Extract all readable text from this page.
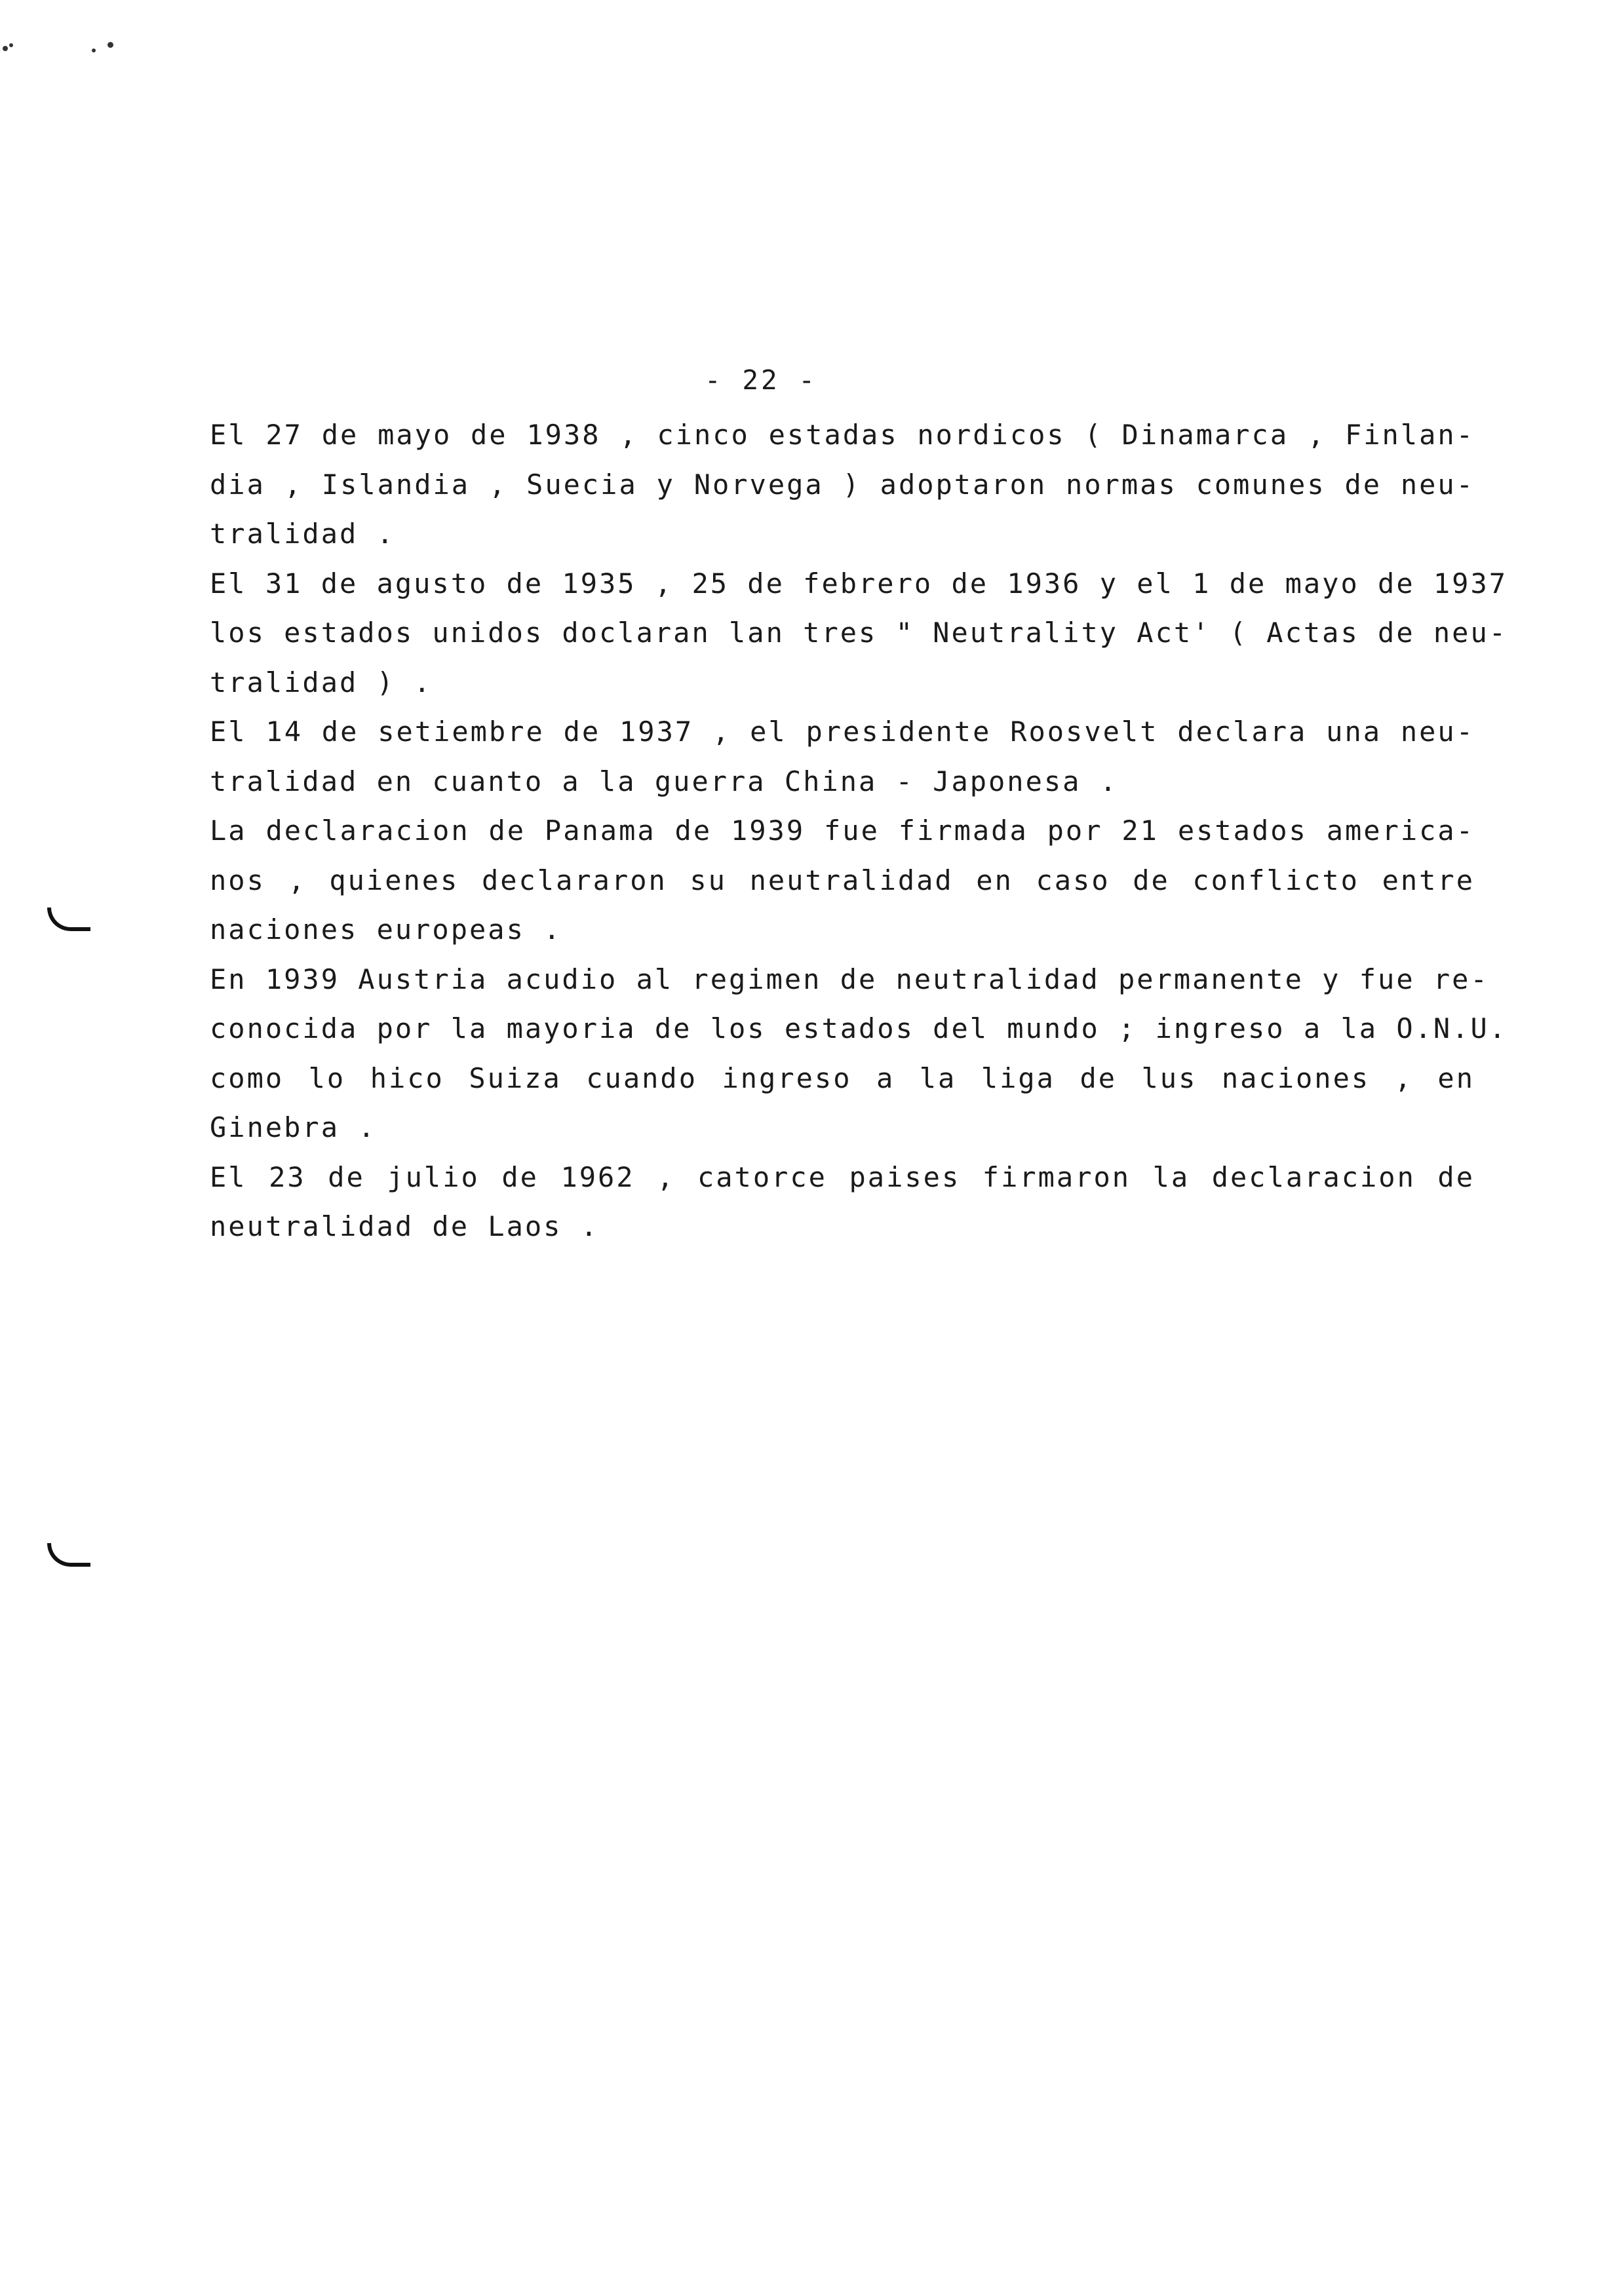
- 22 -
El 27 de mayo de 1938 , cinco estadas nordicos ( Dinamarca , Finlan-
dia , Islandia , Suecia y Norvega ) adoptaron normas comunes de neu-
tralidad .
El 31 de agusto de 1935 , 25 de febrero de 1936 y el 1 de mayo de 1937
los estados unidos doclaran lan tres " Neutrality Act' ( Actas de neu-
tralidad ) .
El 14 de setiembre de 1937 , el presidente Roosvelt declara una neu-
tralidad en cuanto a la guerra China - Japonesa .
La declaracion de Panama de 1939 fue firmada por 21 estados america-
nos , quienes declararon su neutralidad en caso de conflicto entre
naciones europeas .
En 1939 Austria acudio al regimen de neutralidad permanente y fue re-
conocida por la mayoria de los estados del mundo ; ingreso a la O.N.U.
como lo hico Suiza cuando ingreso a la liga de lus naciones , en
Ginebra .
El 23 de julio de 1962 , catorce paises firmaron la declaracion de
neutralidad de Laos .
